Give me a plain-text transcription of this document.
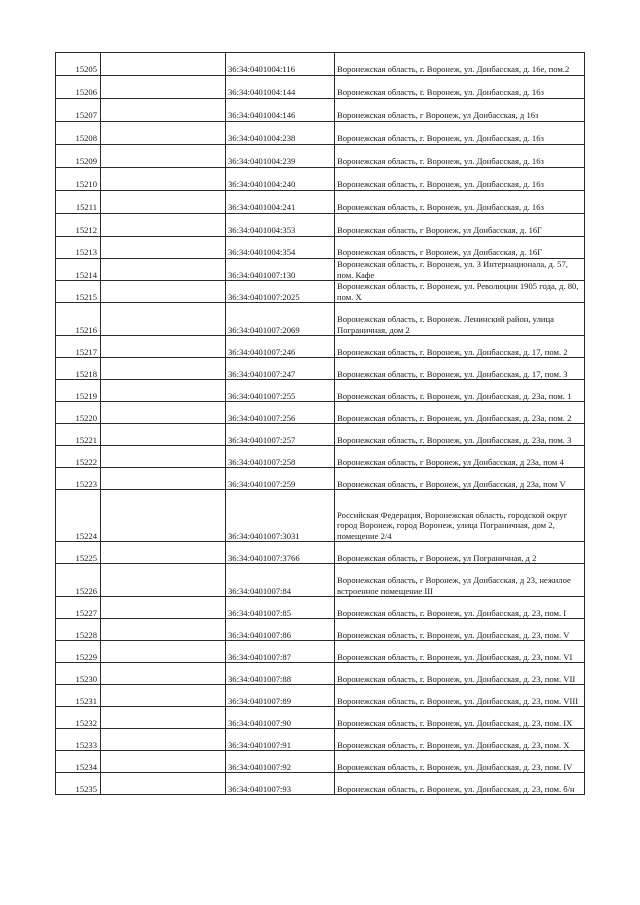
15205		36:34:0401004:116	Воронежская область, г. Воронеж, ул. Донбасская, д. 16е, пом.2
15206		36:34:0401004:144	Воронежская область, г. Воронеж, ул. Донбасская, д. 16з
15207		36:34:0401004:146	Воронежская область, г Воронеж, ул Донбасская, д 16з
15208		36:34:0401004:238	Воронежская область, г. Воронеж, ул. Донбасская, д. 16з
15209		36:34:0401004:239	Воронежская область, г. Воронеж, ул. Донбасская, д. 16з
15210		36:34:0401004:240	Воронежская область, г. Воронеж, ул. Донбасская, д. 16з
15211		36:34:0401004:241	Воронежская область, г. Воронеж, ул. Донбасская, д. 16з
15212		36:34:0401004:353	Воронежская область, г Воронеж, ул Донбасская, д. 16Г
15213		36:34:0401004:354	Воронежская область, г Воронеж, ул Донбасская, д. 16Г
15214		36:34:0401007:130	Воронежская область, г. Воронеж, ул. 3 Интернационала, д. 57, пом. Кафе
15215		36:34:0401007:2025	Воронежская область, г. Воронеж, ул. Революции 1905 года, д. 80, пом. X
15216		36:34:0401007:2069	Воронежская область, г. Воронеж. Ленинский район, улица Пограничная, дом 2
15217		36:34:0401007:246	Воронежская область, г. Воронеж, ул. Донбасская, д. 17, пом. 2
15218		36:34:0401007:247	Воронежская область, г. Воронеж, ул. Донбасская, д. 17, пом. 3
15219		36:34:0401007:255	Воронежская область, г. Воронеж, ул. Донбасская, д. 23а, пом. 1
15220		36:34:0401007:256	Воронежская область, г. Воронеж, ул. Донбасская, д. 23а, пом. 2
15221		36:34:0401007:257	Воронежская область, г. Воронеж, ул. Донбасская, д. 23а, пом. 3
15222		36:34:0401007:258	Воронежская область, г Воронеж, ул Донбасская, д 23а, пом 4
15223		36:34:0401007:259	Воронежская область, г Воронеж, ул Донбасская, д 23а, пом V
15224		36:34:0401007:3031	Российская Федерация, Воронежская область, городской округ город Воронеж, город Воронеж, улица Пограничная, дом 2, помещение 2/4
15225		36:34:0401007:3766	Воронежская область, г Воронеж, ул Пограничная, д 2
15226		36:34:0401007:84	Воронежская область, г Воронеж, ул Донбасская, д 23, нежилое встроенное помещение III
15227		36:34:0401007:85	Воронежская область, г. Воронеж, ул. Донбасская, д. 23, пом. I
15228		36:34:0401007:86	Воронежская область, г. Воронеж, ул. Донбасская, д. 23, пом. V
15229		36:34:0401007:87	Воронежская область, г. Воронеж, ул. Донбасская, д. 23, пом. VI
15230		36:34:0401007:88	Воронежская область, г. Воронеж, ул. Донбасская, д. 23, пом. VII
15231		36:34:0401007:89	Воронежская область, г. Воронеж, ул. Донбасская, д. 23, пом. VIII
15232		36:34:0401007:90	Воронежская область, г. Воронеж, ул. Донбасская, д. 23, пом. IX
15233		36:34:0401007:91	Воронежская область, г. Воронеж, ул. Донбасская, д. 23, пом. X
15234		36:34:0401007:92	Воронежская область, г. Воронеж, ул. Донбасская, д. 23, пом. IV
15235		36:34:0401007:93	Воронежская область, г. Воронеж, ул. Донбасская, д. 23, пом. б/н
